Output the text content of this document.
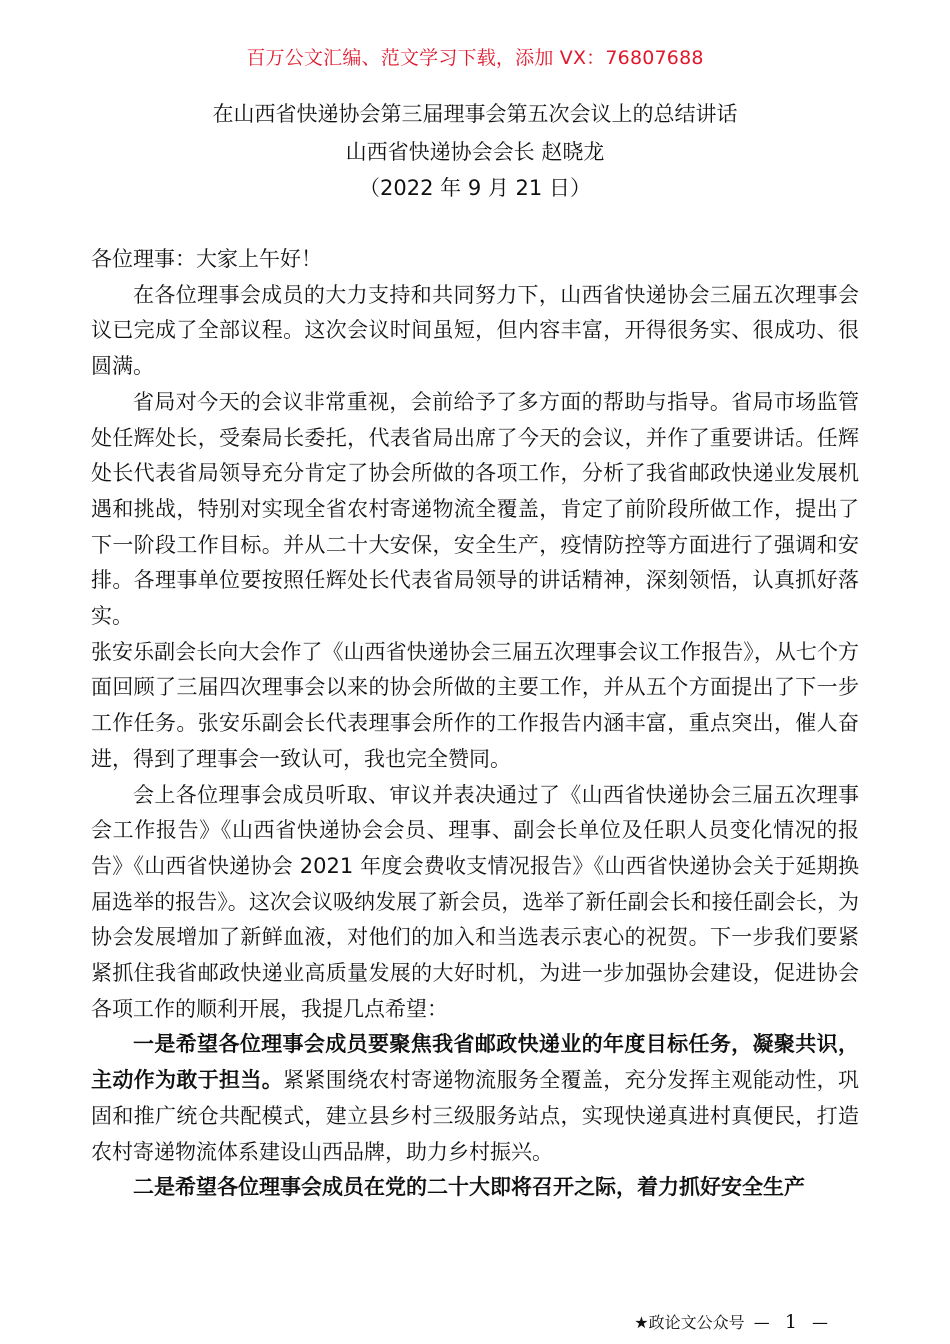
百万公文汇编、范文学习下载，添加 VX：76807688
在山西省快递协会第三届理事会第五次会议上的总结讲话
山西省快递协会会长 赵晓龙
（2022 年 9 月 21 日）

各位理事：大家上午好！

在各位理事会成员的大力支持和共同努力下，山西省快递协会三届五次理事会议已完成了全部议程。这次会议时间虽短，但内容丰富，开得很务实、很成功、很圆满。

省局对今天的会议非常重视，会前给予了多方面的帮助与指导。省局市场监管处任辉处长，受秦局长委托，代表省局出席了今天的会议，并作了重要讲话。任辉处长代表省局领导充分肯定了协会所做的各项工作，分析了我省邮政快递业发展机遇和挑战，特别对实现全省农村寄递物流全覆盖，肯定了前阶段所做工作，提出了下一阶段工作目标。并从二十大安保，安全生产，疫情防控等方面进行了强调和安排。各理事单位要按照任辉处长代表省局领导的讲话精神，深刻领悟，认真抓好落实。

张安乐副会长向大会作了《山西省快递协会三届五次理事会议工作报告》，从七个方面回顾了三届四次理事会以来的协会所做的主要工作，并从五个方面提出了下一步工作任务。张安乐副会长代表理事会所作的工作报告内涵丰富，重点突出，催人奋进，得到了理事会一致认可，我也完全赞同。

会上各位理事会成员听取、审议并表决通过了《山西省快递协会三届五次理事会工作报告》《山西省快递协会会员、理事、副会长单位及任职人员变化情况的报告》《山西省快递协会 2021 年度会费收支情况报告》《山西省快递协会关于延期换届选举的报告》。这次会议吸纳发展了新会员，选举了新任副会长和接任副会长，为协会发展增加了新鲜血液，对他们的加入和当选表示衷心的祝贺。下一步我们要紧紧抓住我省邮政快递业高质量发展的大好时机，为进一步加强协会建设，促进协会各项工作的顺利开展，我提几点希望：

一是希望各位理事会成员要聚焦我省邮政快递业的年度目标任务，凝聚共识，主动作为敢于担当。紧紧围绕农村寄递物流服务全覆盖，充分发挥主观能动性，巩固和推广统仓共配模式，建立县乡村三级服务站点，实现快递真进村真便民，打造农村寄递物流体系建设山西品牌，助力乡村振兴。

二是希望各位理事会成员在党的二十大即将召开之际，着力抓好安全生产

★政论文公众号 — 1 —
